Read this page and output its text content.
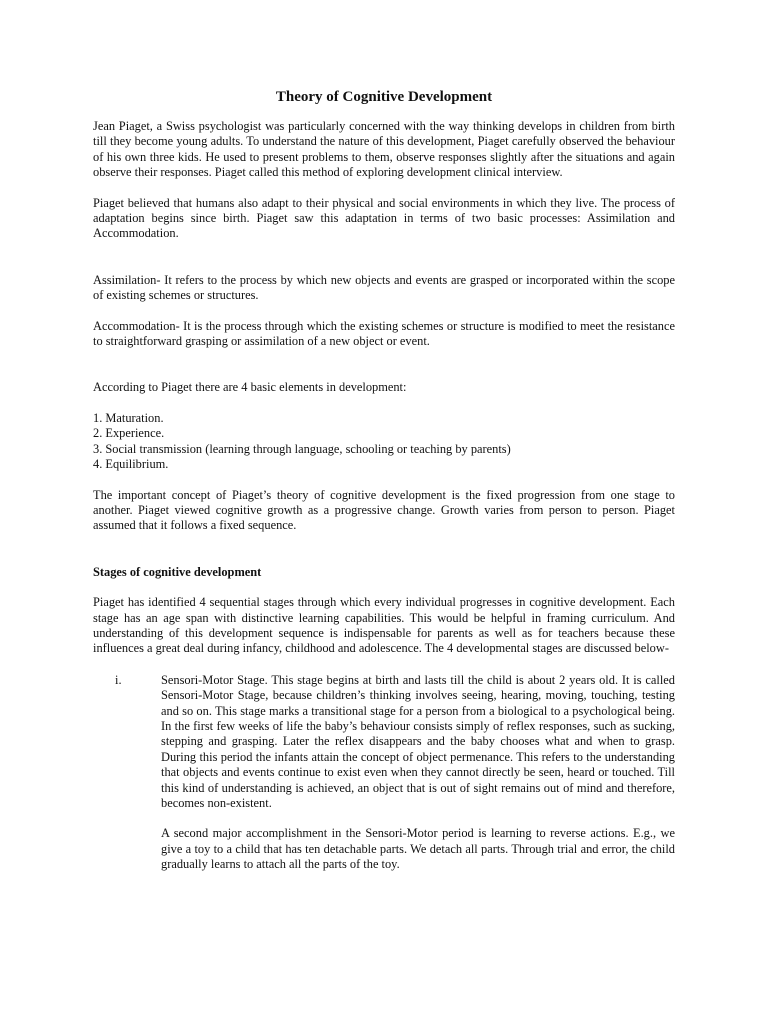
Theory of Cognitive Development

Jean Piaget, a Swiss psychologist was particularly concerned with the way thinking develops in children from birth till they become young adults. To understand the nature of this development, Piaget carefully observed the behaviour of his own three kids. He used to present problems to them, observe responses slightly after the situations and again observe their responses. Piaget called this method of exploring development clinical interview.

Piaget believed that humans also adapt to their physical and social environments in which they live. The process of adaptation begins since birth. Piaget saw this adaptation in terms of two basic processes: Assimilation and Accommodation.

Assimilation- It refers to the process by which new objects and events are grasped or incorporated within the scope of existing schemes or structures.

Accommodation- It is the process through which the existing schemes or structure is modified to meet the resistance to straightforward grasping or assimilation of a new object or event.

According to Piaget there are 4 basic elements in development:

1. Maturation.

2. Experience.

3. Social transmission (learning through language, schooling or teaching by parents)

4. Equilibrium.

The important concept of Piaget’s theory of cognitive development is the fixed progression from one stage to another. Piaget viewed cognitive growth as a progressive change. Growth varies from person to person. Piaget assumed that it follows a fixed sequence.

Stages of cognitive development

Piaget has identified 4 sequential stages through which every individual progresses in cognitive development. Each stage has an age span with distinctive learning capabilities. This would be helpful in framing curriculum. And understanding of this development sequence is indispensable for parents as well as for teachers because these influences a great deal during infancy, childhood and adolescence. The 4 developmental stages are discussed below-

i.	Sensori-Motor Stage. This stage begins at birth and lasts till the child is about 2 years old. It is called Sensori-Motor Stage, because children’s thinking involves seeing, hearing, moving, touching, testing and so on. This stage marks a transitional stage for a person from a biological to a psychological being. In the first few weeks of life the baby’s behaviour consists simply of reflex responses, such as sucking, stepping and grasping. Later the reflex disappears and the baby chooses what and when to grasp. During this period the infants attain the concept of object permenance. This refers to the understanding that objects and events continue to exist even when they cannot directly be seen, heard or touched. Till this kind of understanding is achieved, an object that is out of sight remains out of mind and therefore, becomes non-existent.

A second major accomplishment in the Sensori-Motor period is learning to reverse actions. E.g., we give a toy to a child that has ten detachable parts. We detach all parts. Through trial and error, the child gradually learns to attach all the parts of the toy.
